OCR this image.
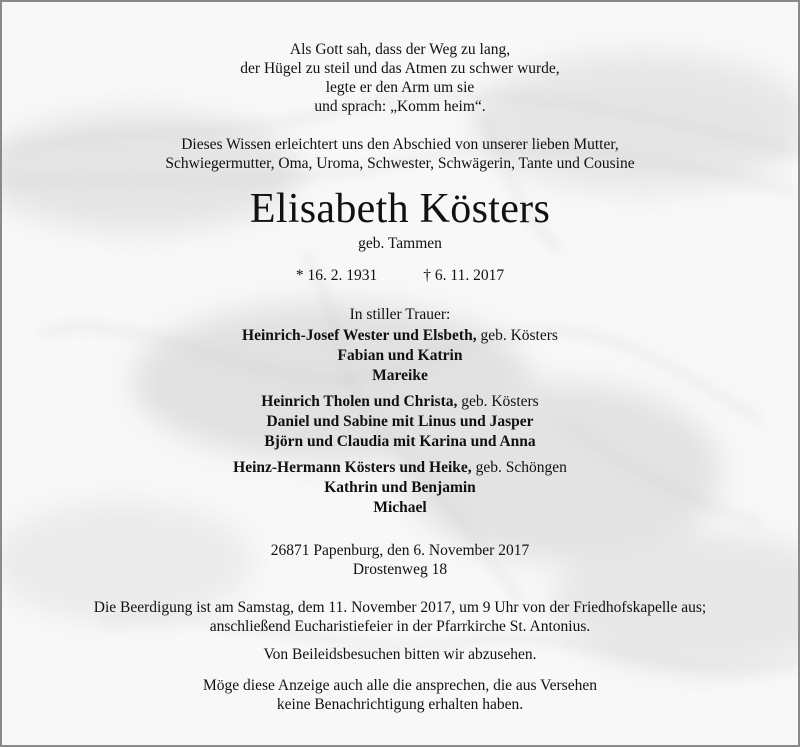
Als Gott sah, dass der Weg zu lang,
der Hügel zu steil und das Atmen zu schwer wurde,
legte er den Arm um sie
und sprach: „Komm heim“.
Dieses Wissen erleichtert uns den Abschied von unserer lieben Mutter,
Schwiegermutter, Oma, Uroma, Schwester, Schwägerin, Tante und Cousine
Elisabeth Kösters
geb. Tammen
* 16. 2. 1931	† 6. 11. 2017
In stiller Trauer:
Heinrich-Josef Wester und Elsbeth, geb. Kösters
Fabian und Katrin
Mareike
Heinrich Tholen und Christa, geb. Kösters
Daniel und Sabine mit Linus und Jasper
Björn und Claudia mit Karina und Anna
Heinz-Hermann Kösters und Heike, geb. Schöngen
Kathrin und Benjamin
Michael
26871 Papenburg, den 6. November 2017
Drostenweg 18
Die Beerdigung ist am Samstag, dem 11. November 2017, um 9 Uhr von der Friedhofskapelle aus;
anschließend Eucharistiefeier in der Pfarrkirche St. Antonius.
Von Beileidsbesuchen bitten wir abzusehen.
Möge diese Anzeige auch alle die ansprechen, die aus Versehen
keine Benachrichtigung erhalten haben.
